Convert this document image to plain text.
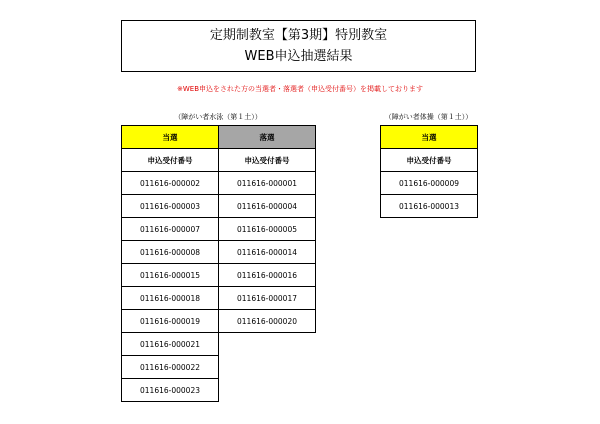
定期制教室【第3期】特別教室
WEB申込抽選結果
※WEB申込をされた方の当選者・落選者（申込受付番号）を掲載しております
（障がい者水泳（第１土））	（障がい者体操（第１土））
当選	落選
申込受付番号	申込受付番号
011616-000002	011616-000001
011616-000003	011616-000004
011616-000007	011616-000005
011616-000008	011616-000014
011616-000015	011616-000016
011616-000018	011616-000017
011616-000019	011616-000020
011616-000021	
011616-000022	
011616-000023	
当選
申込受付番号
011616-000009
011616-000013
